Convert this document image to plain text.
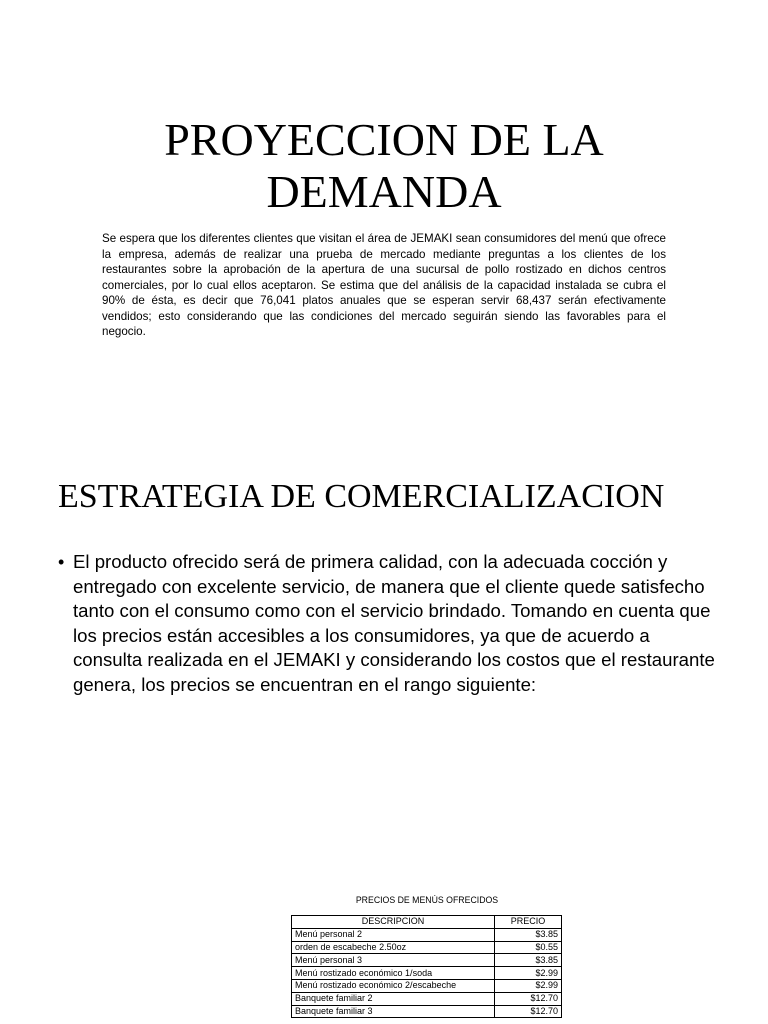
PROYECCION DE LA DEMANDA

Se espera que los diferentes clientes que visitan el área de JEMAKI sean consumidores del menú que ofrece la empresa, además de realizar una prueba de mercado mediante preguntas a los clientes de los restaurantes sobre la aprobación de la apertura de una sucursal de pollo rostizado en dichos centros comerciales, por lo cual ellos aceptaron. Se estima que del análisis de la capacidad instalada se cubra el 90% de ésta, es decir que 76,041 platos anuales que se esperan servir 68,437 serán efectivamente vendidos; esto considerando que las condiciones del mercado seguirán siendo las favorables para el negocio.

ESTRATEGIA DE COMERCIALIZACION
• El producto ofrecido será de primera calidad, con la adecuada cocción y entregado con excelente servicio, de manera que el cliente quede satisfecho tanto con el consumo como con el servicio brindado. Tomando en cuenta que los precios están accesibles a los consumidores, ya que de acuerdo a consulta realizada en el JEMAKI y considerando los costos que el restaurante genera, los precios se encuentran en el rango siguiente:
PRECIOS DE MENÚS OFRECIDOS
DESCRIPCION	PRECIO
Menú personal 2	$3.85
orden de escabeche 2.50oz	$0.55
Menú personal 3	$3.85
Menú rostizado económico 1/soda	$2.99
Menú rostizado económico 2/escabeche	$2.99
Banquete familiar 2	$12.70
Banquete familiar 3	$12.70
